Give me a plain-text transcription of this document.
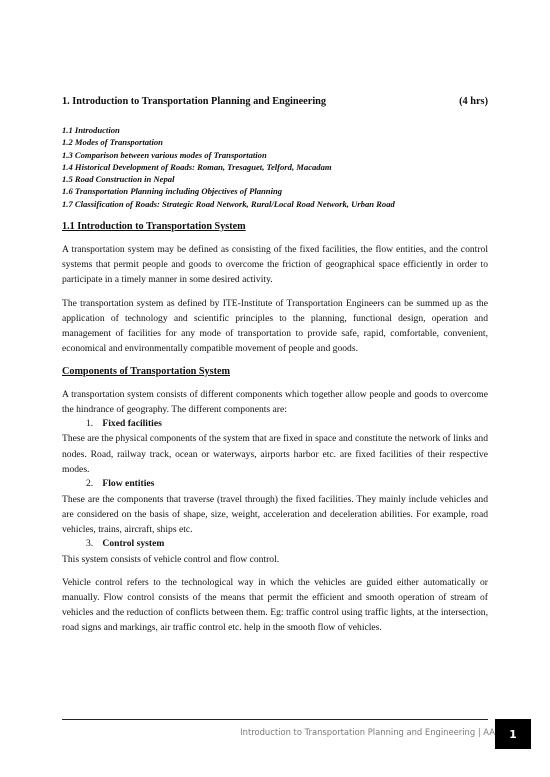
1. Introduction to Transportation Planning and Engineering	(4 hrs)
1.1 Introduction
1.2 Modes of Transportation
1.3 Comparison between various modes of Transportation
1.4 Historical Development of Roads: Roman, Tresaguet, Telford, Macadam
1.5 Road Construction in Nepal
1.6 Transportation Planning including Objectives of Planning
1.7 Classification of Roads: Strategic Road Network, Rural/Local Road Network, Urban Road
1.1 Introduction to Transportation System

A transportation system may be defined as consisting of the fixed facilities, the flow entities, and the control systems that permit people and goods to overcome the friction of geographical space efficiently in order to participate in a timely manner in some desired activity.

The transportation system as defined by ITE-Institute of Transportation Engineers can be summed up as the application of technology and scientific principles to the planning, functional design, operation and management of facilities for any mode of transportation to provide safe, rapid, comfortable, convenient, economical and environmentally compatible movement of people and goods.

Components of Transportation System

A transportation system consists of different components which together allow people and goods to overcome the hindrance of geography. The different components are:

1. Fixed facilities

These are the physical components of the system that are fixed in space and constitute the network of links and nodes. Road, railway track, ocean or waterways, airports harbor etc. are fixed facilities of their respective modes.

2. Flow entities

These are the components that traverse (travel through) the fixed facilities. They mainly include vehicles and are considered on the basis of shape, size, weight, acceleration and deceleration abilities. For example, road vehicles, trains, aircraft, ships etc.

3. Control system

This system consists of vehicle control and flow control.

Vehicle control refers to the technological way in which the vehicles are guided either automatically or manually. Flow control consists of the means that permit the efficient and smooth operation of stream of vehicles and the reduction of conflicts between them. Eg: traffic control using traffic lights, at the intersection, road signs and markings, air traffic control etc. help in the smooth flow of vehicles.

Introduction to Transportation Planning and Engineering | AA 1
